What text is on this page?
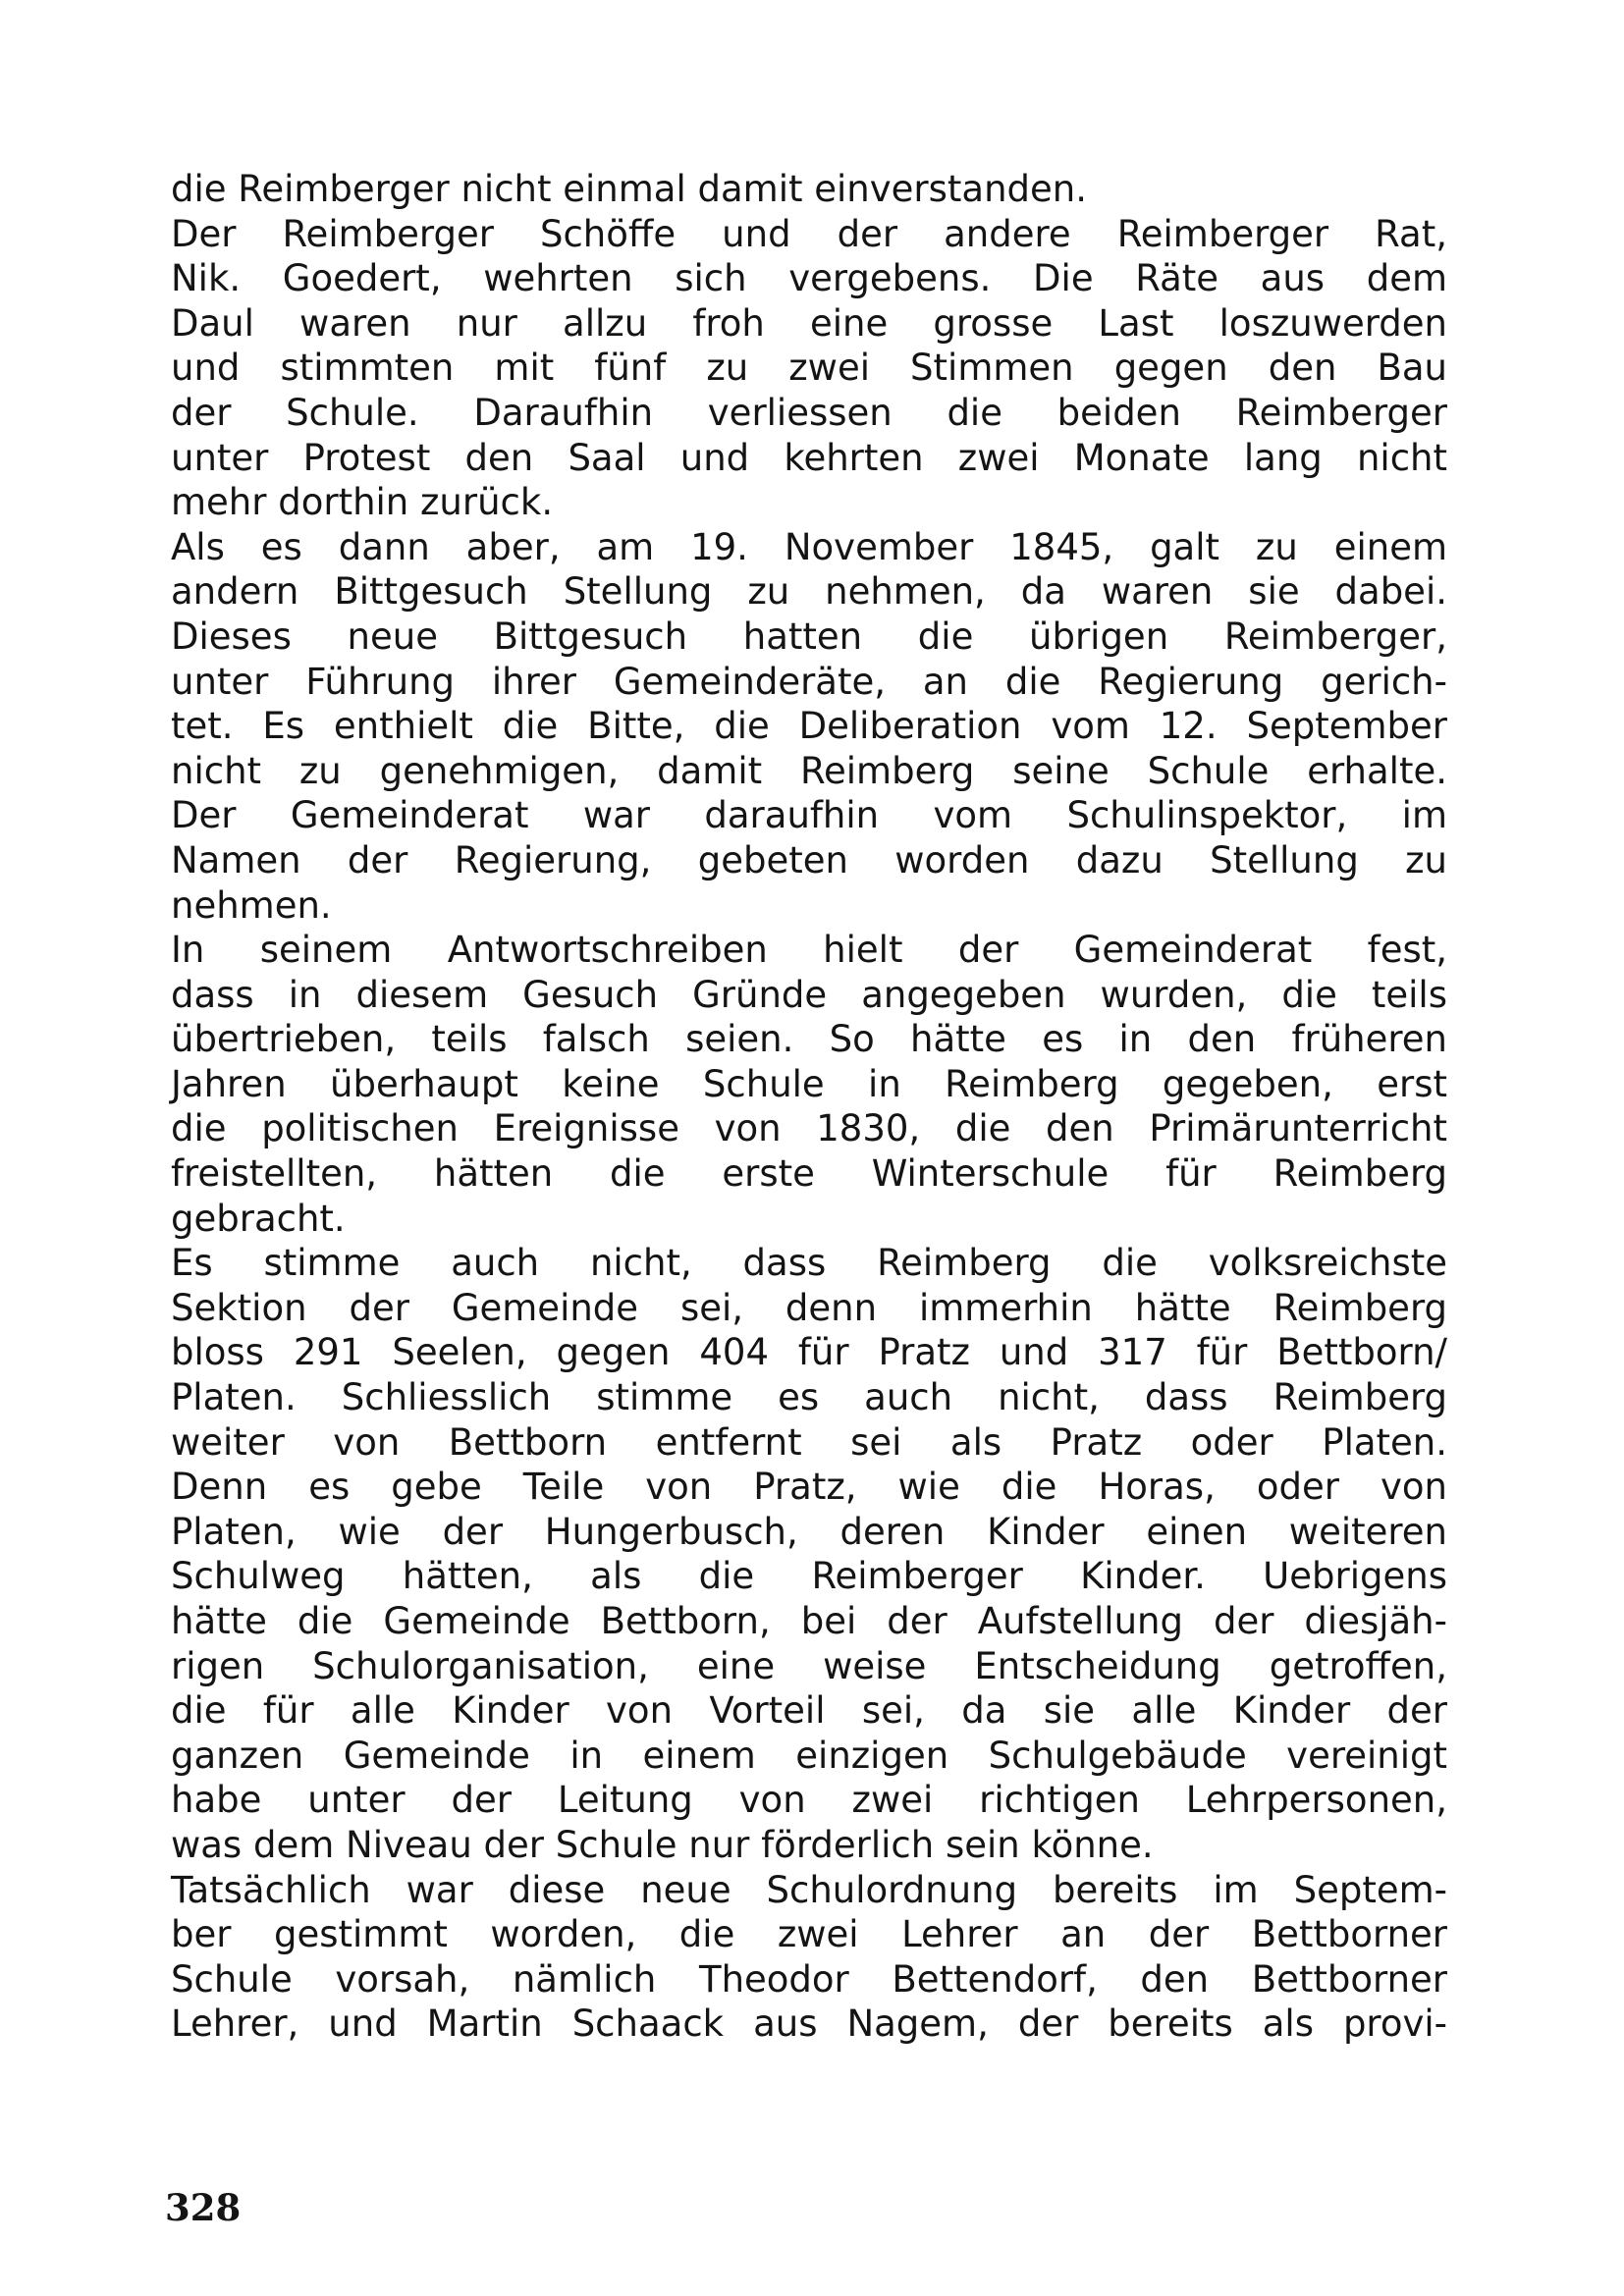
die Reimberger nicht einmal damit einverstanden.
Der Reimberger Schöffe und der andere Reimberger Rat,
Nik. Goedert, wehrten sich vergebens. Die Räte aus dem
Daul waren nur allzu froh eine grosse Last loszuwerden
und stimmten mit fünf zu zwei Stimmen gegen den Bau
der Schule. Daraufhin verliessen die beiden Reimberger
unter Protest den Saal und kehrten zwei Monate lang nicht
mehr dorthin zurück.
Als es dann aber, am 19. November 1845, galt zu einem
andern Bittgesuch Stellung zu nehmen, da waren sie dabei.
Dieses neue Bittgesuch hatten die übrigen Reimberger,
unter Führung ihrer Gemeinderäte, an die Regierung gerich-
tet. Es enthielt die Bitte, die Deliberation vom 12. September
nicht zu genehmigen, damit Reimberg seine Schule erhalte.
Der Gemeinderat war daraufhin vom Schulinspektor, im
Namen der Regierung, gebeten worden dazu Stellung zu
nehmen.
In seinem Antwortschreiben hielt der Gemeinderat fest,
dass in diesem Gesuch Gründe angegeben wurden, die teils
übertrieben, teils falsch seien. So hätte es in den früheren
Jahren überhaupt keine Schule in Reimberg gegeben, erst
die politischen Ereignisse von 1830, die den Primärunterricht
freistellten, hätten die erste Winterschule für Reimberg
gebracht.
Es stimme auch nicht, dass Reimberg die volksreichste
Sektion der Gemeinde sei, denn immerhin hätte Reimberg
bloss 291 Seelen, gegen 404 für Pratz und 317 für Bettborn/
Platen. Schliesslich stimme es auch nicht, dass Reimberg
weiter von Bettborn entfernt sei als Pratz oder Platen.
Denn es gebe Teile von Pratz, wie die Horas, oder von
Platen, wie der Hungerbusch, deren Kinder einen weiteren
Schulweg hätten, als die Reimberger Kinder. Uebrigens
hätte die Gemeinde Bettborn, bei der Aufstellung der diesjäh-
rigen Schulorganisation, eine weise Entscheidung getroffen,
die für alle Kinder von Vorteil sei, da sie alle Kinder der
ganzen Gemeinde in einem einzigen Schulgebäude vereinigt
habe unter der Leitung von zwei richtigen Lehrpersonen,
was dem Niveau der Schule nur förderlich sein könne.
Tatsächlich war diese neue Schulordnung bereits im Septem-
ber gestimmt worden, die zwei Lehrer an der Bettborner
Schule vorsah, nämlich Theodor Bettendorf, den Bettborner
Lehrer, und Martin Schaack aus Nagem, der bereits als provi-

328
